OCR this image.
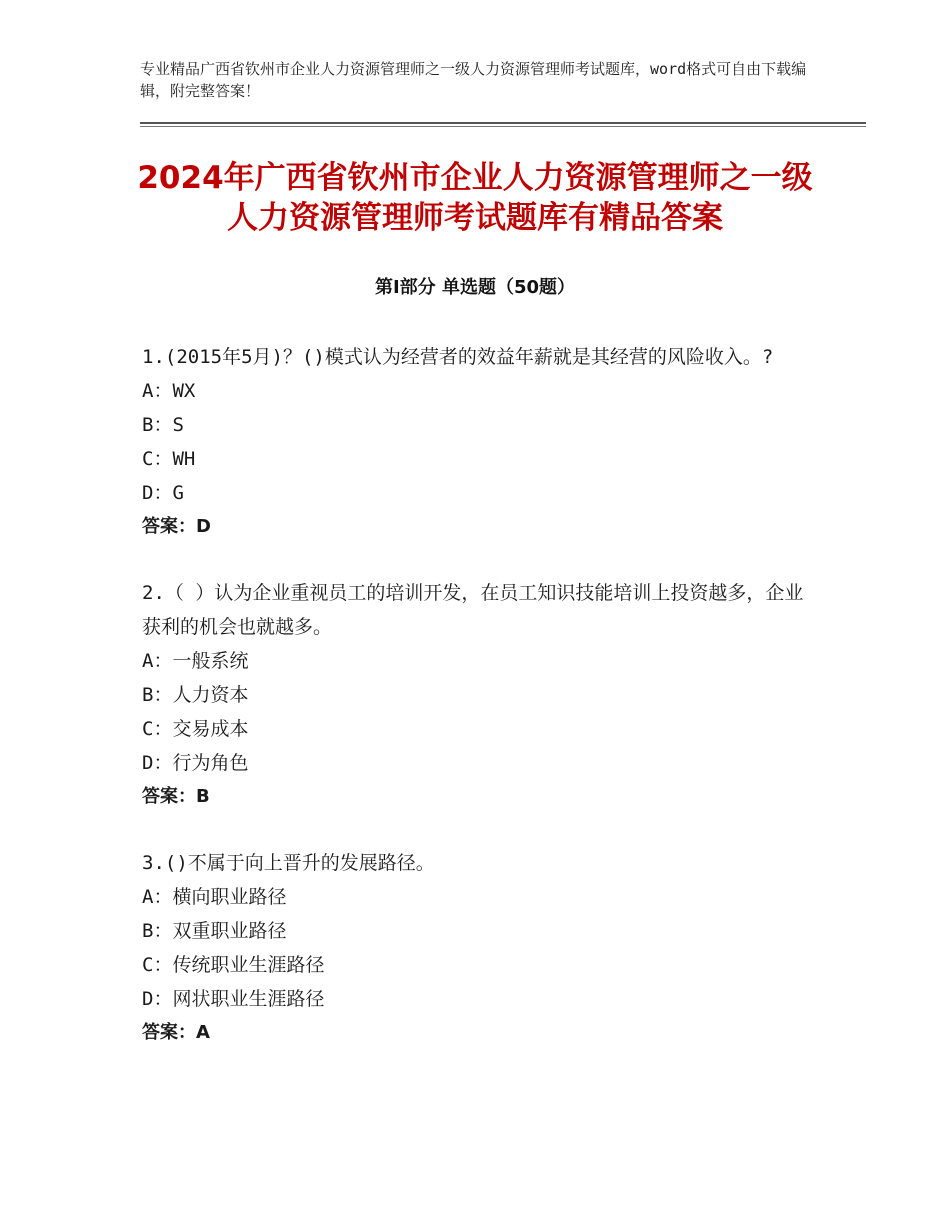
专业精品广西省钦州市企业人力资源管理师之一级人力资源管理师考试题库，word格式可自由下载编辑，附完整答案！
2024年广西省钦州市企业人力资源管理师之一级人力资源管理师考试题库有精品答案
第Ⅰ部分 单选题（50题）

1.(2015年5月)？()模式认为经营者的效益年薪就是其经营的风险收入。?

A：WX

B：S

C：WH

D：G

答案：D

2.（ ）认为企业重视员工的培训开发，在员工知识技能培训上投资越多，企业获利的机会也就越多。

A：一般系统

B：人力资本

C：交易成本

D：行为角色

答案：B

3.()不属于向上晋升的发展路径。

A：横向职业路径

B：双重职业路径

C：传统职业生涯路径

D：网状职业生涯路径

答案：A
